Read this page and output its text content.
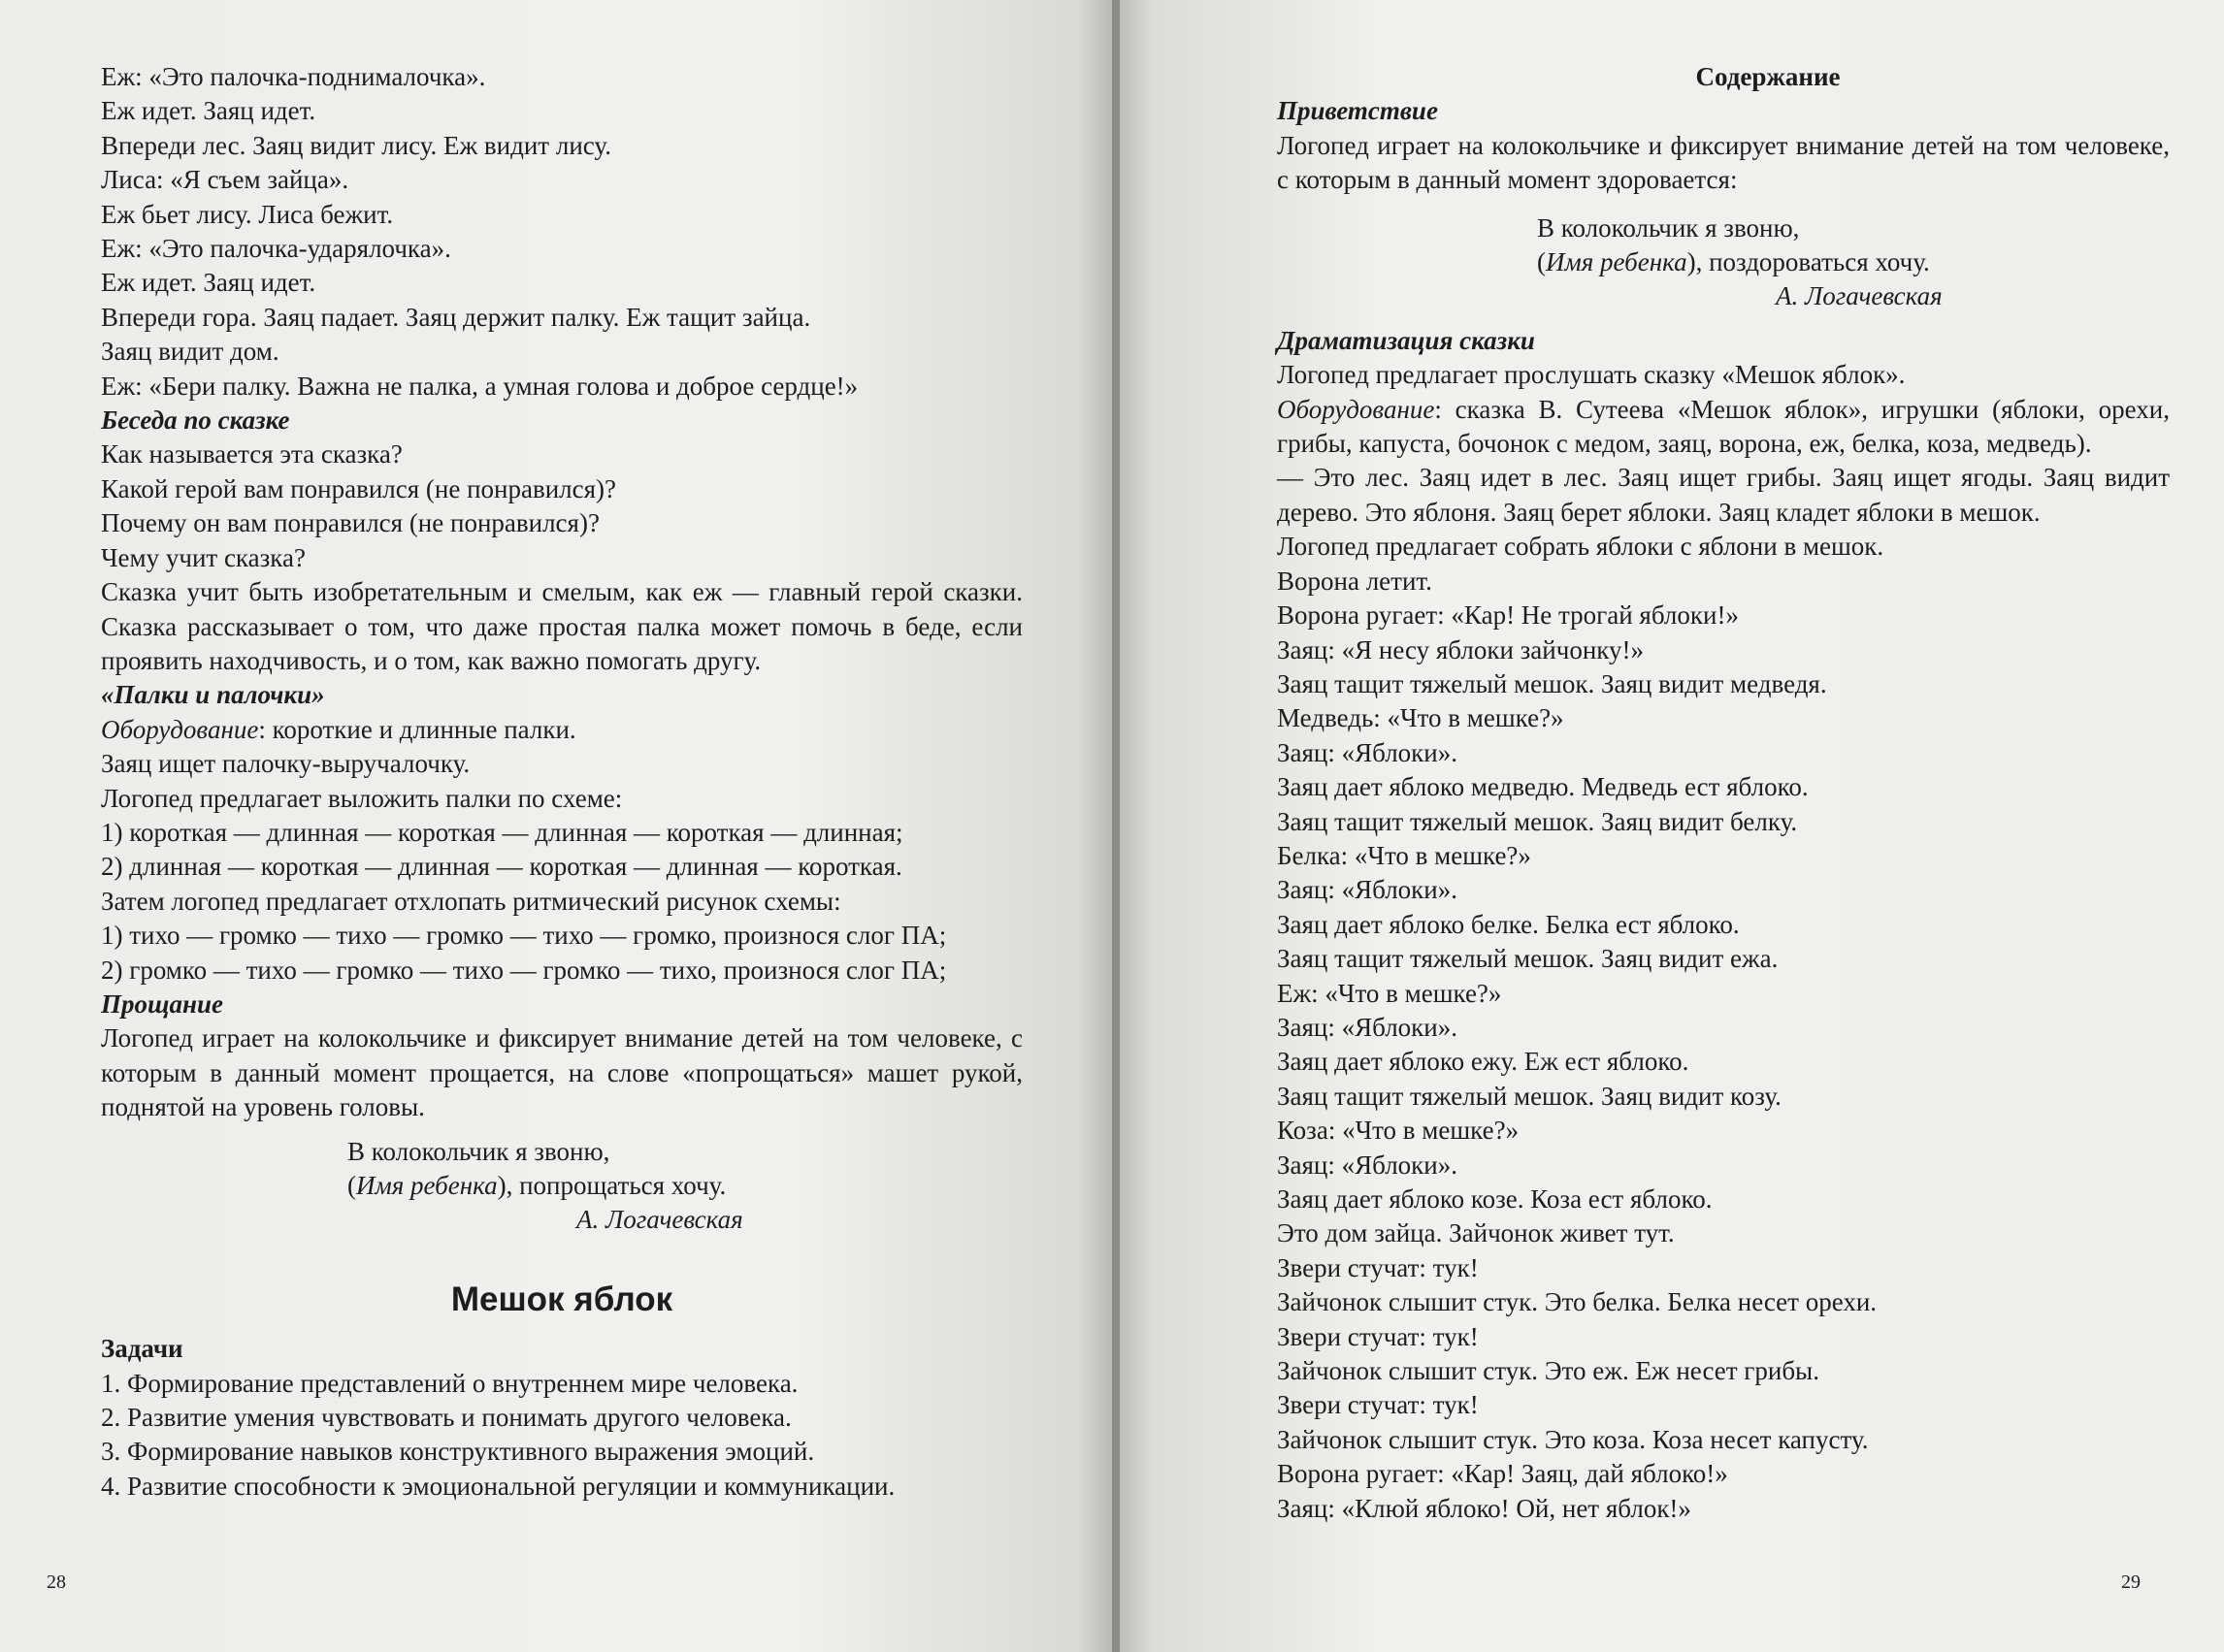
Еж: «Это палочка-поднималочка».

Еж идет. Заяц идет.

Впереди лес. Заяц видит лису. Еж видит лису.

Лиса: «Я съем зайца».

Еж бьет лису. Лиса бежит.

Еж: «Это палочка-ударялочка».

Еж идет. Заяц идет.

Впереди гора. Заяц падает. Заяц держит палку. Еж тащит зайца.

Заяц видит дом.

Еж: «Бери палку. Важна не палка, а умная голова и доброе сердце!»

Беседа по сказке

Как называется эта сказка?

Какой герой вам понравился (не понравился)?

Почему он вам понравился (не понравился)?

Чему учит сказка?

Сказка учит быть изобретательным и смелым, как еж — главный герой сказки. Сказка рассказывает о том, что даже простая палка может помочь в беде, если проявить находчивость, и о том, как важно помогать другу.

«Палки и палочки»

Оборудование: короткие и длинные палки.

Заяц ищет палочку-выручалочку.

Логопед предлагает выложить палки по схеме:

1) короткая — длинная — короткая — длинная — короткая — длинная;

2) длинная — короткая — длинная — короткая — длинная — короткая.

Затем логопед предлагает отхлопать ритмический рисунок схемы:

1) тихо — громко — тихо — громко — тихо — громко, произнося слог ПА;

2) громко — тихо — громко — тихо — громко — тихо, произнося слог ПА;

Прощание

Логопед играет на колокольчике и фиксирует внимание детей на том человеке, с которым в данный момент прощается, на слове «попрощаться» машет рукой, поднятой на уровень головы.

В колокольчик я звоню,

(Имя ребенка), попрощаться хочу.

А. Логачевская

Мешок яблок

Задачи

1. Формирование представлений о внутреннем мире человека.

2. Развитие умения чувствовать и понимать другого человека.

3. Формирование навыков конструктивного выражения эмоций.

4. Развитие способности к эмоциональной регуляции и коммуникации.

28	29

Содержание

Приветствие

Логопед играет на колокольчике и фиксирует внимание детей на том человеке, с которым в данный момент здоровается:

В колокольчик я звоню,

(Имя ребенка), поздороваться хочу.

А. Логачевская

Драматизация сказки

Логопед предлагает прослушать сказку «Мешок яблок».

Оборудование: сказка В. Сутеева «Мешок яблок», игрушки (яблоки, орехи, грибы, капуста, бочонок с медом, заяц, ворона, еж, белка, коза, медведь).

— Это лес. Заяц идет в лес. Заяц ищет грибы. Заяц ищет ягоды. Заяц видит дерево. Это яблоня. Заяц берет яблоки. Заяц кладет яблоки в мешок.

Логопед предлагает собрать яблоки с яблони в мешок.

Ворона летит.

Ворона ругает: «Кар! Не трогай яблоки!»

Заяц: «Я несу яблоки зайчонку!»

Заяц тащит тяжелый мешок. Заяц видит медведя.

Медведь: «Что в мешке?»

Заяц: «Яблоки».

Заяц дает яблоко медведю. Медведь ест яблоко.

Заяц тащит тяжелый мешок. Заяц видит белку.

Белка: «Что в мешке?»

Заяц: «Яблоки».

Заяц дает яблоко белке. Белка ест яблоко.

Заяц тащит тяжелый мешок. Заяц видит ежа.

Еж: «Что в мешке?»

Заяц: «Яблоки».

Заяц дает яблоко ежу. Еж ест яблоко.

Заяц тащит тяжелый мешок. Заяц видит козу.

Коза: «Что в мешке?»

Заяц: «Яблоки».

Заяц дает яблоко козе. Коза ест яблоко.

Это дом зайца. Зайчонок живет тут.

Звери стучат: тук!

Зайчонок слышит стук. Это белка. Белка несет орехи.

Звери стучат: тук!

Зайчонок слышит стук. Это еж. Еж несет грибы.

Звери стучат: тук!

Зайчонок слышит стук. Это коза. Коза несет капусту.

Ворона ругает: «Кар! Заяц, дай яблоко!»

Заяц: «Клюй яблоко! Ой, нет яблок!»
